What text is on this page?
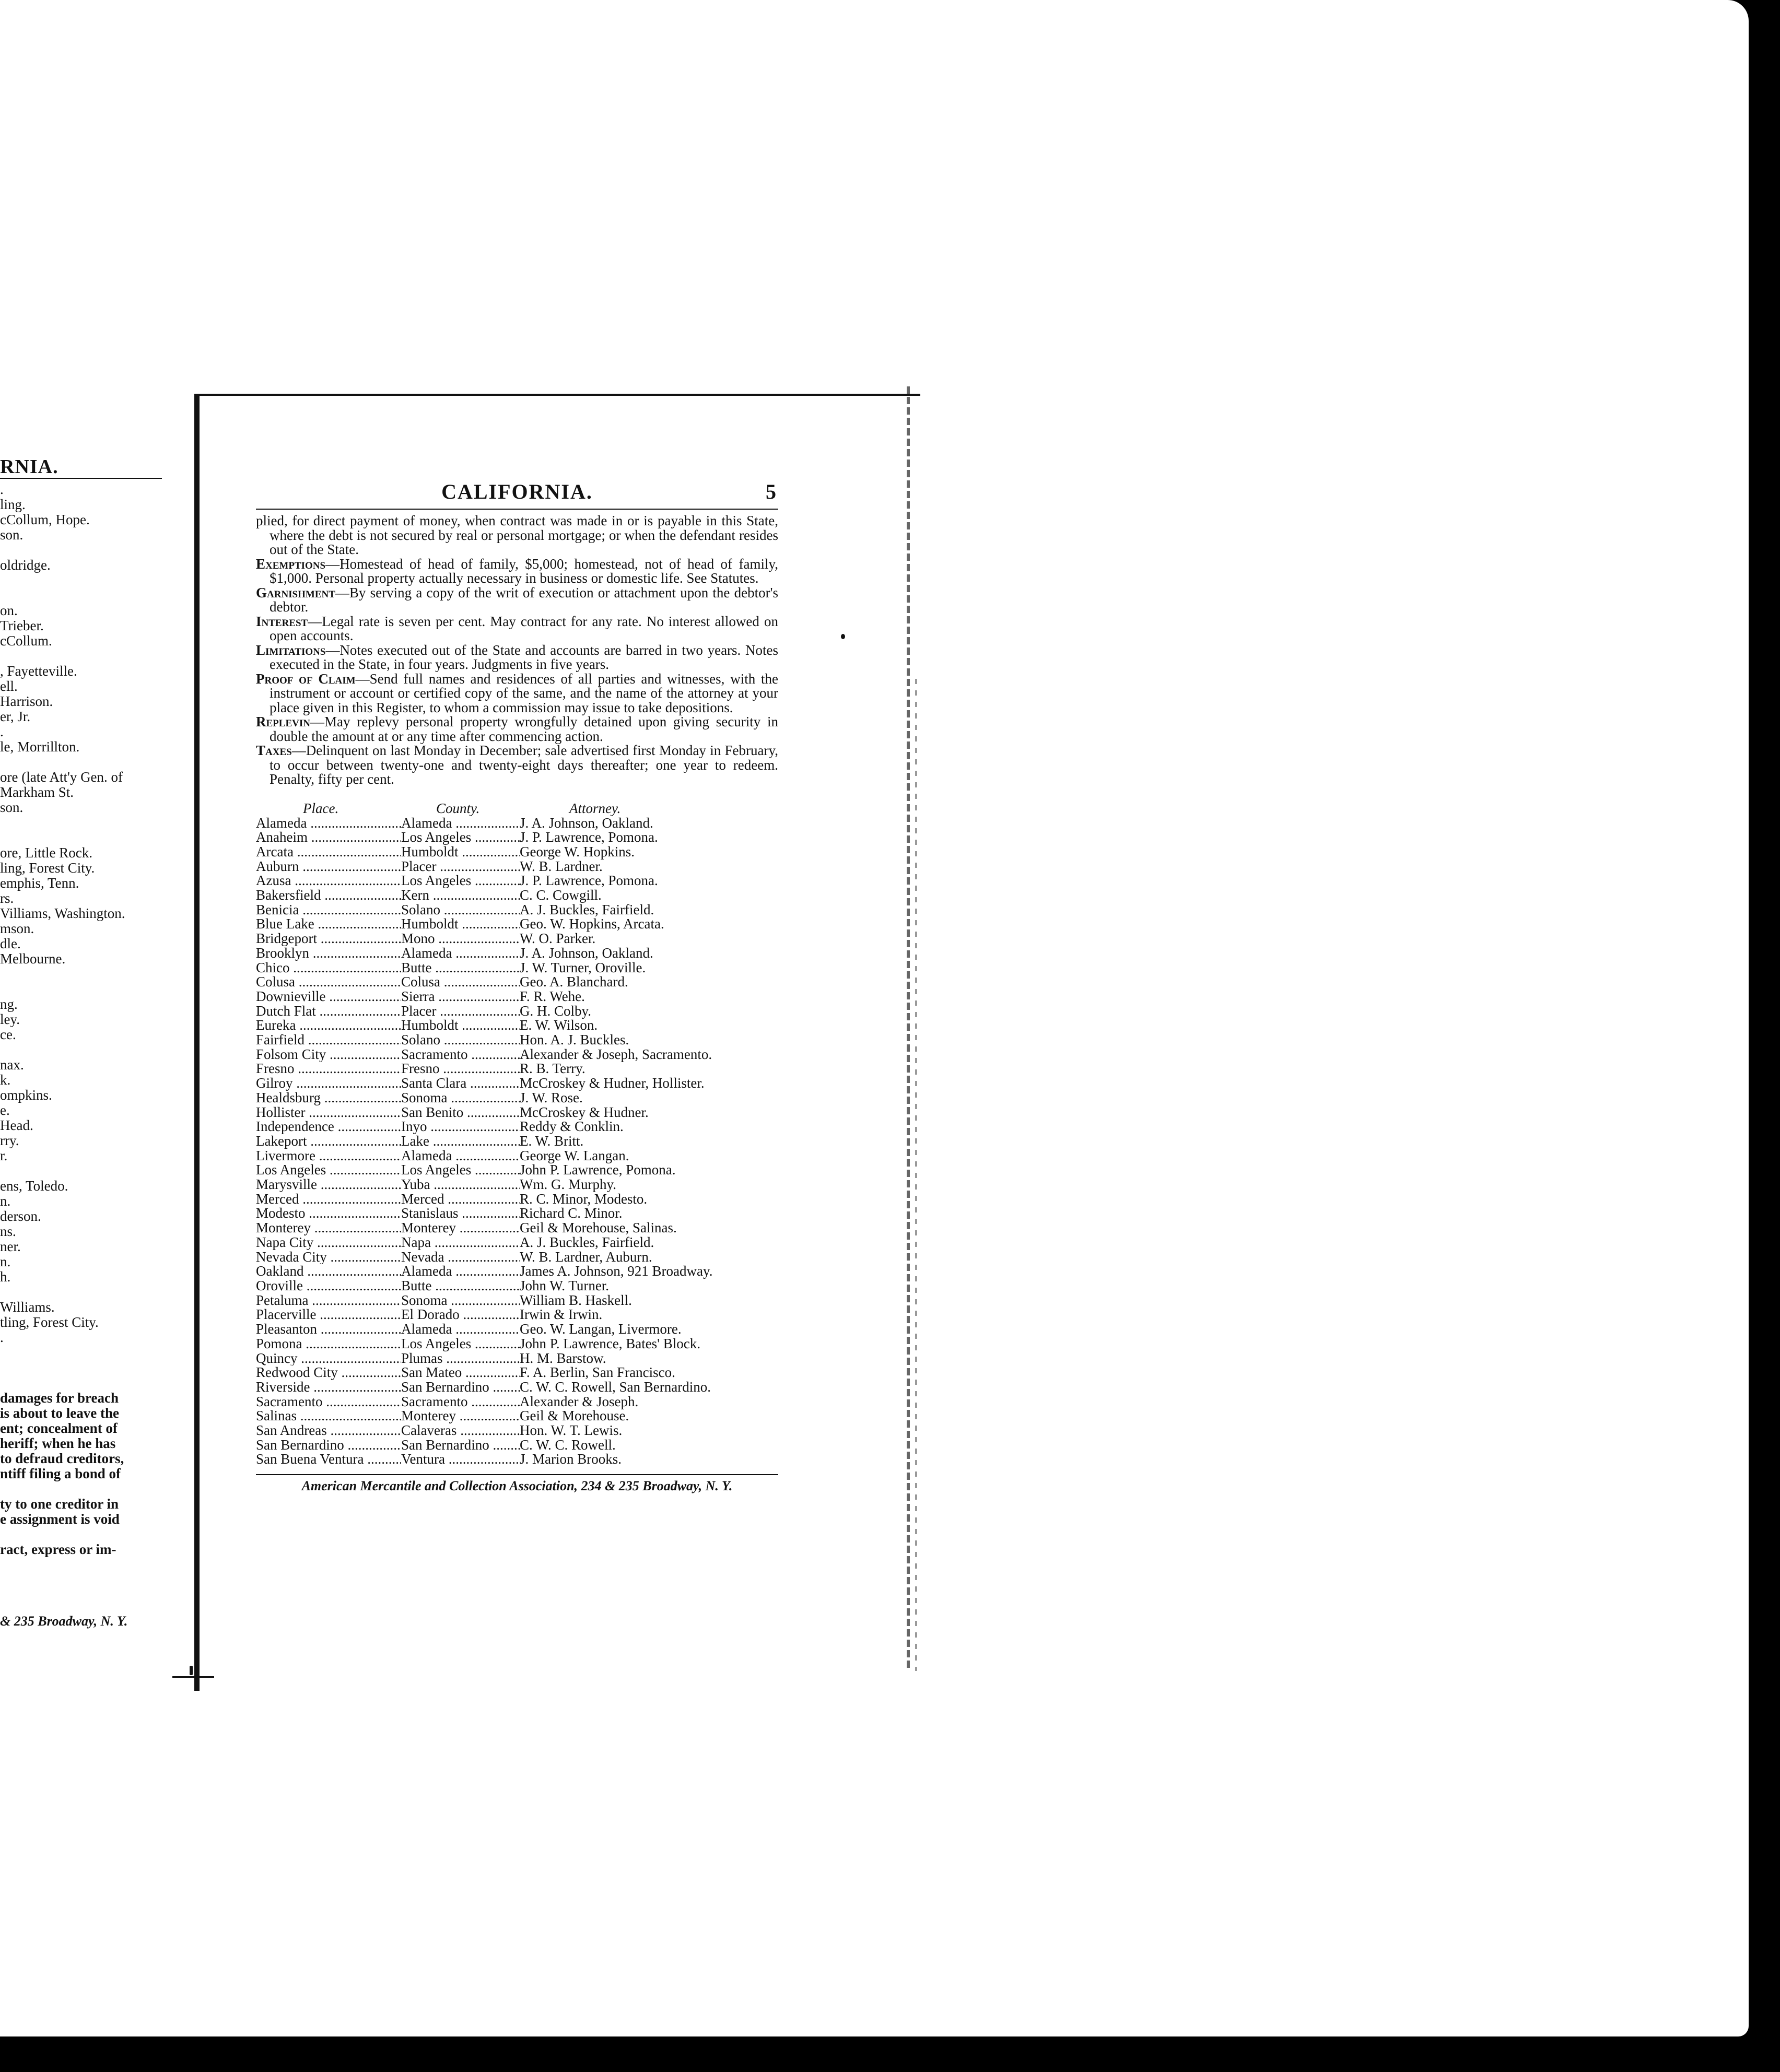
RNIA.
.
ling.
cCollum, Hope.
son.
oldridge.
on.
Trieber.
cCollum.
, Fayetteville.
ell.
Harrison.
er, Jr.
.
le, Morrillton.
ore (late Att'y Gen. of
Markham St.
son.
ore, Little Rock.
ling, Forest City.
emphis, Tenn.
rs.
Villiams, Washington.
mson.
dle.
Melbourne.
ng.
ley.
ce.
nax.
k.
ompkins.
e.
Head.
rry.
r.
ens, Toledo.
n.
derson.
ns.
ner.
n.
h.
Williams.
tling, Forest City.
.
damages for breach
is about to leave the
ent; concealment of
heriff; when he has
to defraud creditors,
ntiff filing a bond of
ty to one creditor in
e assignment is void
ract, express or im-
& 235 Broadway, N. Y.
CALIFORNIA.	5

plied, for direct payment of money, when contract was made in or is payable in this State, where the debt is not secured by real or personal mortgage; or when the defendant resides out of the State.

Exemptions—Homestead of head of family, $5,000; homestead, not of head of family, $1,000. Personal property actually necessary in business or domestic life. See Statutes.

Garnishment—By serving a copy of the writ of execution or attachment upon the debtor's debtor.

Interest—Legal rate is seven per cent. May contract for any rate. No interest allowed on open accounts.

Limitations—Notes executed out of the State and accounts are barred in two years. Notes executed in the State, in four years. Judgments in five years.

Proof of Claim—Send full names and residences of all parties and witnesses, with the instrument or account or certified copy of the same, and the name of the attorney at your place given in this Register, to whom a commission may issue to take depositions.

Replevin—May replevy personal property wrongfully detained upon giving security in double the amount at or any time after commencing action.

Taxes—Delinquent on last Monday in December; sale advertised first Monday in February, to occur between twenty-one and twenty-eight days thereafter; one year to redeem. Penalty, fifty per cent.

Place.	County.	Attorney.
Alameda .....	Alameda .....	J. A. Johnson, Oakland.
Anaheim .....	Los Angeles .....	J. P. Lawrence, Pomona.
Arcata .....	Humboldt .....	George W. Hopkins.
Auburn .....	Placer .....	W. B. Lardner.
Azusa .....	Los Angeles .....	J. P. Lawrence, Pomona.
Bakersfield .....	Kern .....	C. C. Cowgill.
Benicia .....	Solano .....	A. J. Buckles, Fairfield.
Blue Lake .....	Humboldt .....	Geo. W. Hopkins, Arcata.
Bridgeport .....	Mono .....	W. O. Parker.
Brooklyn .....	Alameda .....	J. A. Johnson, Oakland.
Chico .....	Butte .....	J. W. Turner, Oroville.
Colusa .....	Colusa .....	Geo. A. Blanchard.
Downieville .....	Sierra .....	F. R. Wehe.
Dutch Flat .....	Placer .....	G. H. Colby.
Eureka .....	Humboldt .....	E. W. Wilson.
Fairfield .....	Solano .....	Hon. A. J. Buckles.
Folsom City .....	Sacramento .....	Alexander & Joseph, Sacramento.
Fresno .....	Fresno .....	R. B. Terry.
Gilroy .....	Santa Clara .....	McCroskey & Hudner, Hollister.
Healdsburg .....	Sonoma .....	J. W. Rose.
Hollister .....	San Benito .....	McCroskey & Hudner.
Independence .....	Inyo .....	Reddy & Conklin.
Lakeport .....	Lake .....	E. W. Britt.
Livermore .....	Alameda .....	George W. Langan.
Los Angeles .....	Los Angeles .....	John P. Lawrence, Pomona.
Marysville .....	Yuba .....	Wm. G. Murphy.
Merced .....	Merced .....	R. C. Minor, Modesto.
Modesto .....	Stanislaus .....	Richard C. Minor.
Monterey .....	Monterey .....	Geil & Morehouse, Salinas.
Napa City .....	Napa .....	A. J. Buckles, Fairfield.
Nevada City .....	Nevada .....	W. B. Lardner, Auburn.
Oakland .....	Alameda .....	James A. Johnson, 921 Broadway.
Oroville .....	Butte .....	John W. Turner.
Petaluma .....	Sonoma .....	William B. Haskell.
Placerville .....	El Dorado .....	Irwin & Irwin.
Pleasanton .....	Alameda .....	Geo. W. Langan, Livermore.
Pomona .....	Los Angeles .....	John P. Lawrence, Bates' Block.
Quincy .....	Plumas .....	H. M. Barstow.
Redwood City .....	San Mateo .....	F. A. Berlin, San Francisco.
Riverside .....	San Bernardino .....	C. W. C. Rowell, San Bernardino.
Sacramento .....	Sacramento .....	Alexander & Joseph.
Salinas .....	Monterey .....	Geil & Morehouse.
San Andreas .....	Calaveras .....	Hon. W. T. Lewis.
San Bernardino .....	San Bernardino .....	C. W. C. Rowell.
San Buena Ventura .....	Ventura .....	J. Marion Brooks.
American Mercantile and Collection Association, 234 & 235 Broadway, N. Y.
